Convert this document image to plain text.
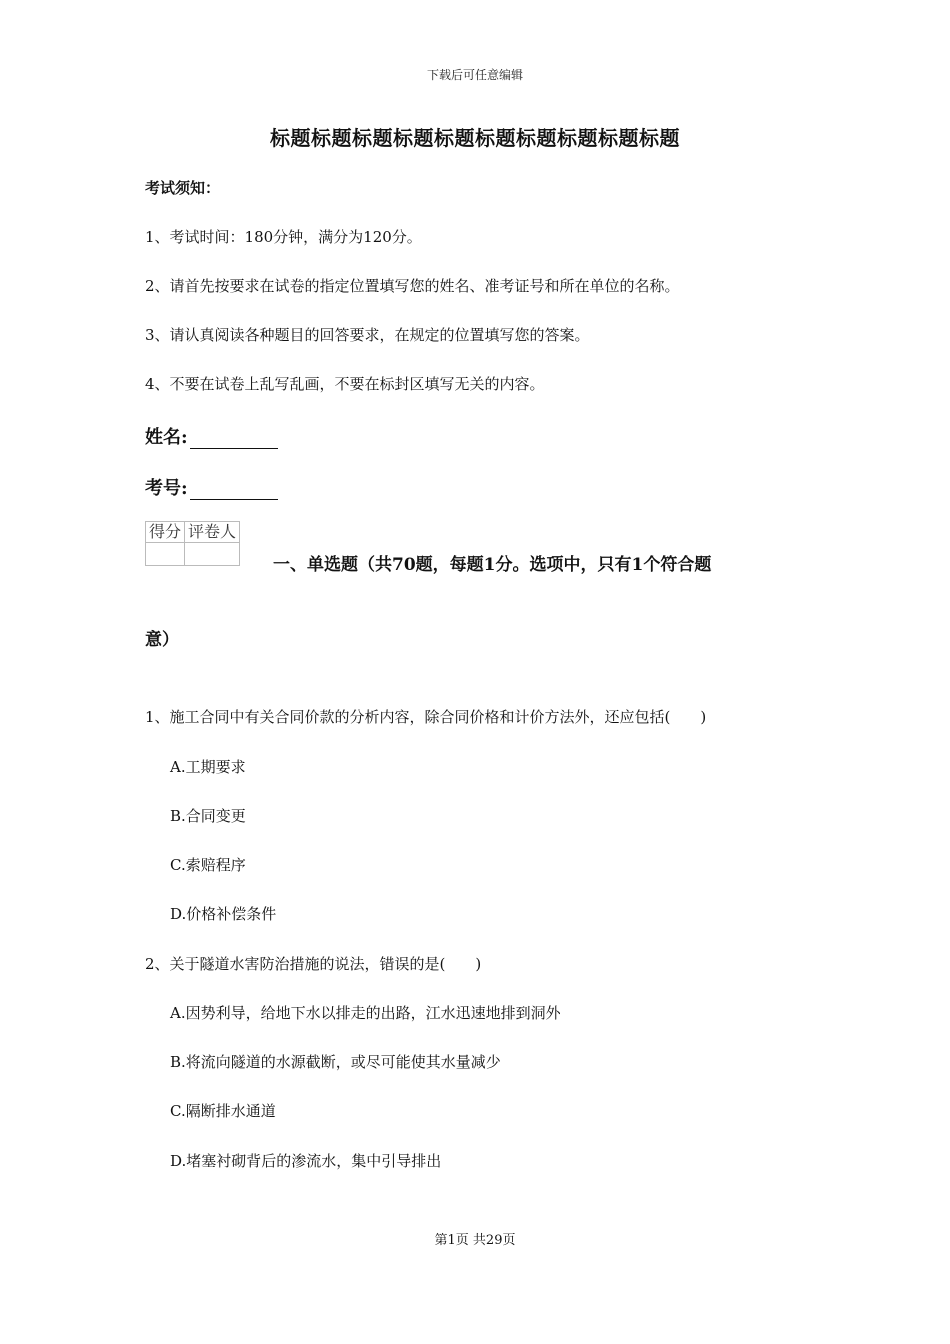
下载后可任意编辑
标题标题标题标题标题标题标题标题标题标题
考试须知：
1、考试时间：180分钟，满分为120分。
2、请首先按要求在试卷的指定位置填写您的姓名、准考证号和所在单位的名称。
3、请认真阅读各种题目的回答要求，在规定的位置填写您的答案。
4、不要在试卷上乱写乱画，不要在标封区填写无关的内容。
姓名:
考号:
得分	评卷人

一、单选题（共70题，每题1分。选项中，只有1个符合题
意）
1、施工合同中有关合同价款的分析内容，除合同价格和计价方法外，还应包括(　　)
A.工期要求
B.合同变更
C.索赔程序
D.价格补偿条件
2、关于隧道水害防治措施的说法，错误的是(　　)
A.因势利导，给地下水以排走的出路，江水迅速地排到洞外
B.将流向隧道的水源截断，或尽可能使其水量减少
C.隔断排水通道
D.堵塞衬砌背后的渗流水，集中引导排出
第1页 共29页
